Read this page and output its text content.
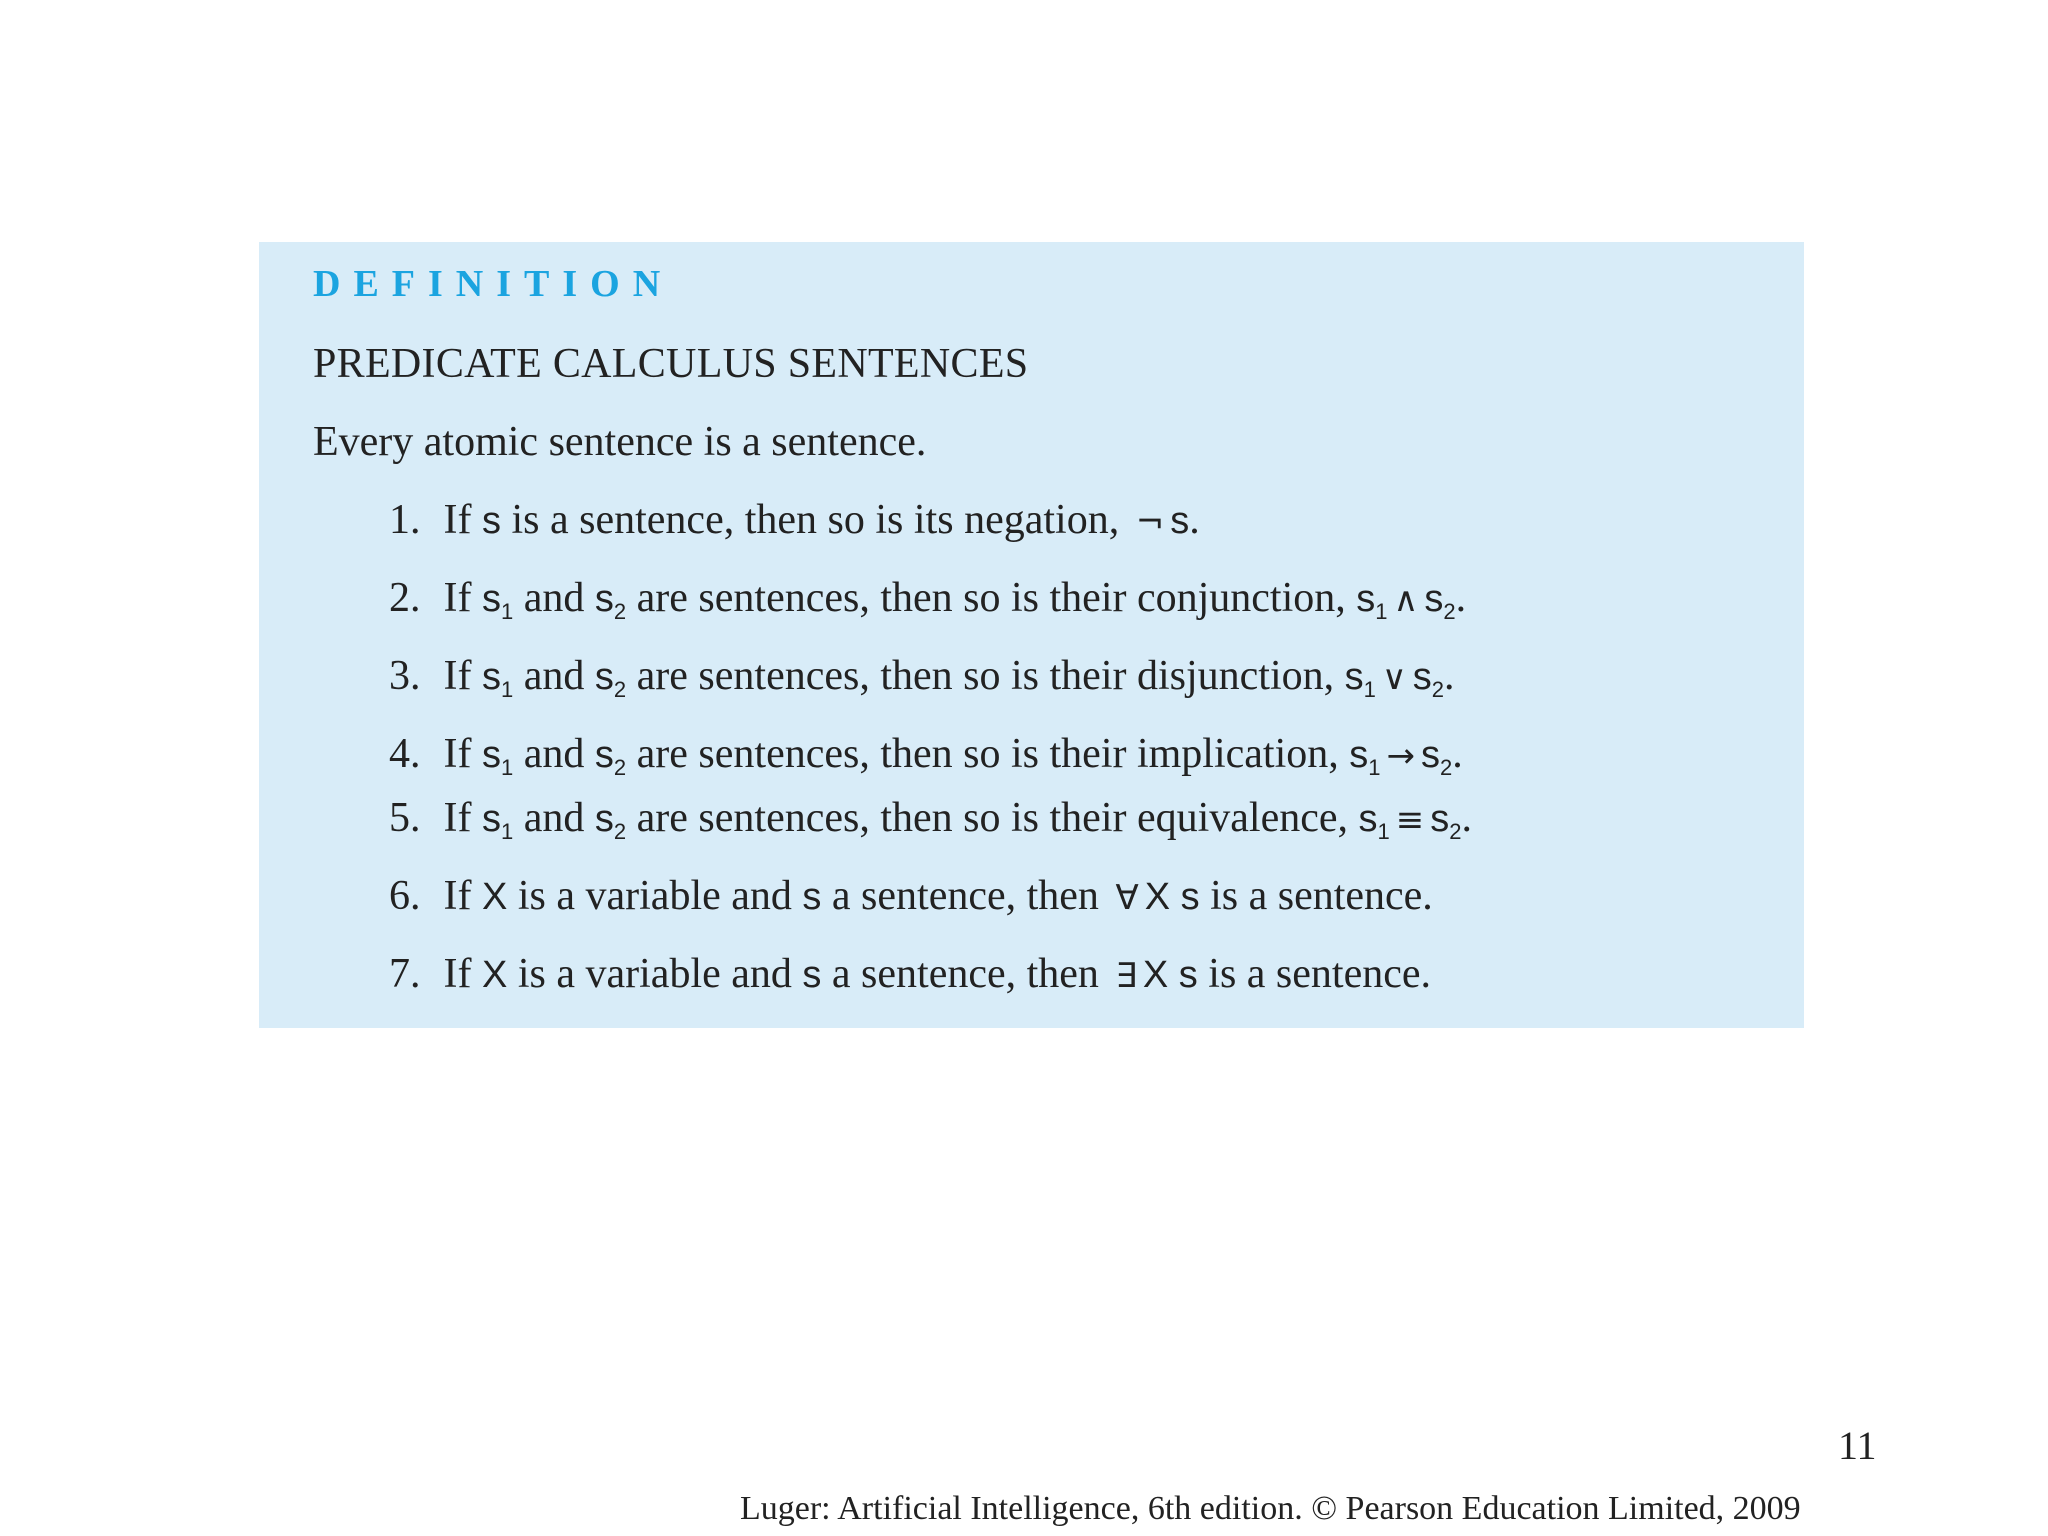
DEFINITION
PREDICATE CALCULUS SENTENCES
Every atomic sentence is a sentence.
1. If s is a sentence, then so is its negation, ¬ s.
2. If $s_1$ and $s_2$ are sentences, then so is their conjunction, $s_1$ ∧ $s_2$.
3. If $s_1$ and $s_2$ are sentences, then so is their disjunction, $s_1$ ∨ $s_2$.
4. If $s_1$ and $s_2$ are sentences, then so is their implication, $s_1 \to s_2$.
5. If $s_1$ and $s_2$ are sentences, then so is their equivalence, $s_1 \equiv s_2$.
6. If X is a variable and s a sentence, then ∀ X s is a sentence.
7. If X is a variable and s a sentence, then ∃ X s is a sentence.
11
Luger: Artificial Intelligence, 6th edition. © Pearson Education Limited, 2009
